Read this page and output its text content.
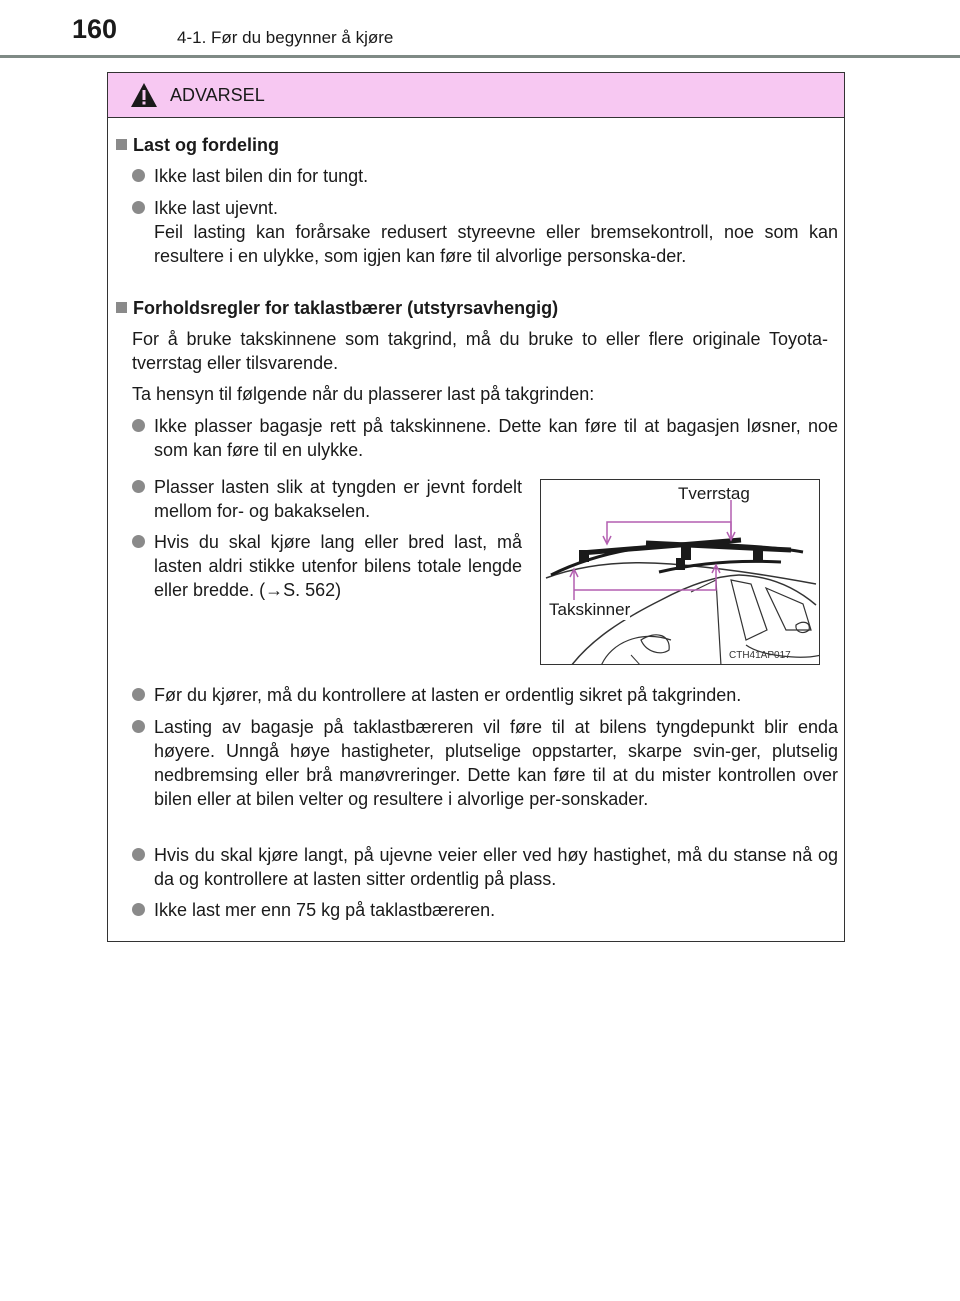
160	4-1. Før du begynner å kjøre
ADVARSEL
Last og fordeling
Ikke last bilen din for tungt.
Ikke last ujevnt.
Feil lasting kan forårsake redusert styreevne eller bremsekontroll, noe som kan resultere i en ulykke, som igjen kan føre til alvorlige personska-der.
Forholdsregler for taklastbærer (utstyrsavhengig)
For å bruke takskinnene som takgrind, må du bruke to eller flere originale Toyota-tverrstag eller tilsvarende.
Ta hensyn til følgende når du plasserer last på takgrinden:
Ikke plasser bagasje rett på takskinnene. Dette kan føre til at bagasjen løsner, noe som kan føre til en ulykke.
Plasser lasten slik at tyngden er jevnt fordelt mellom for- og bakakselen.
Hvis du skal kjøre lang eller bred last, må lasten aldri stikke utenfor bilens totale lengde eller bredde. (→S. 562)
Tverrstag
Takskinner
CTH41AP017
Før du kjører, må du kontrollere at lasten er ordentlig sikret på takgrinden.
Lasting av bagasje på taklastbæreren vil føre til at bilens tyngdepunkt blir enda høyere. Unngå høye hastigheter, plutselige oppstarter, skarpe svin-ger, plutselig nedbremsing eller brå manøvreringer. Dette kan føre til at du mister kontrollen over bilen eller at bilen velter og resultere i alvorlige per-sonskader.
Hvis du skal kjøre langt, på ujevne veier eller ved høy hastighet, må du stanse nå og da og kontrollere at lasten sitter ordentlig på plass.
Ikke last mer enn 75 kg på taklastbæreren.
